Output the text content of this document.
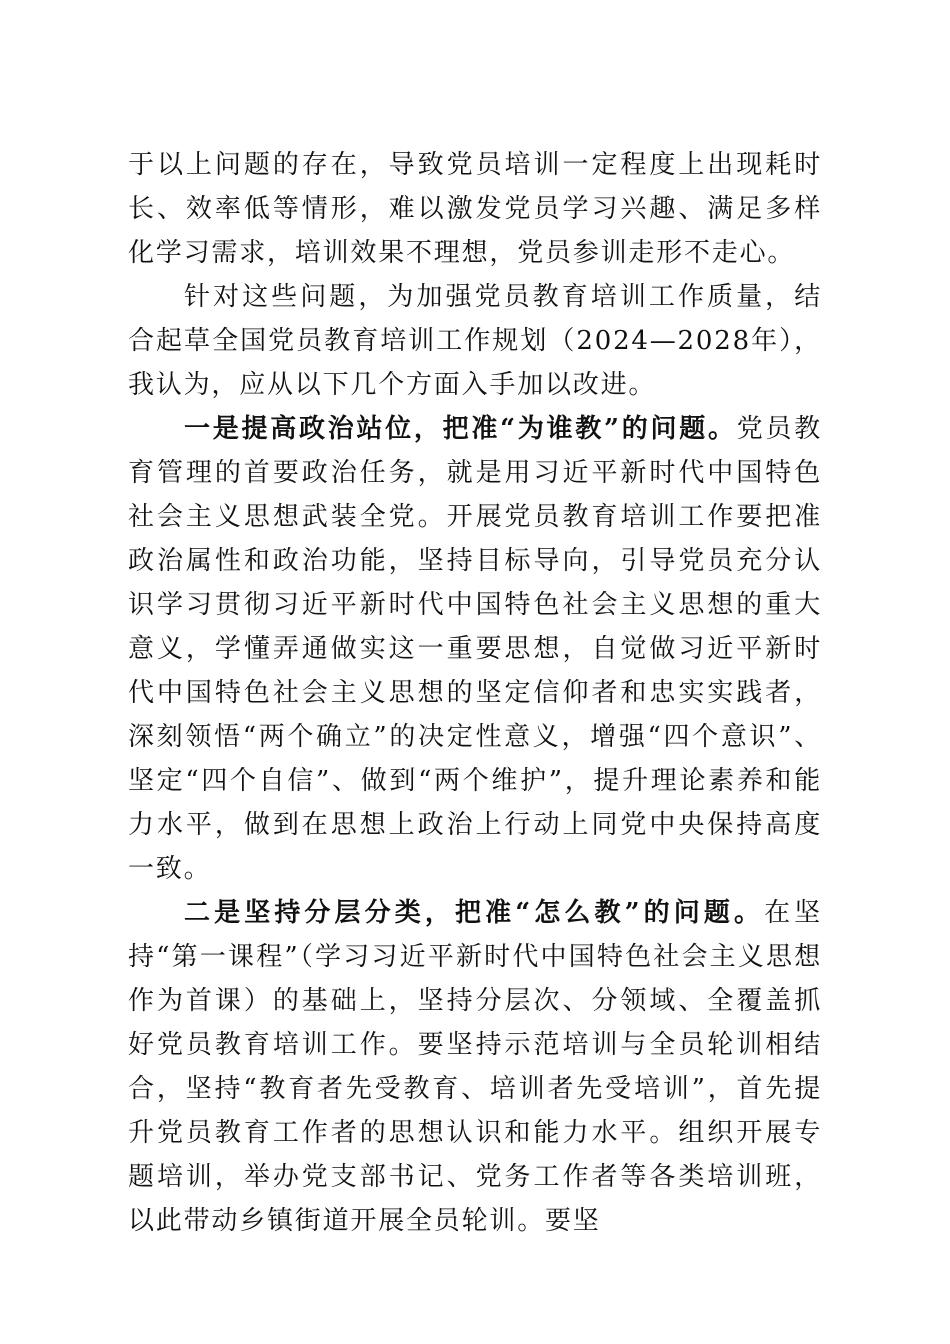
于以上问题的存在，导致党员培训一定程度上出现耗时长、效率低等情形，难以激发党员学习兴趣、满足多样化学习需求，培训效果不理想，党员参训走形不走心。

针对这些问题，为加强党员教育培训工作质量，结合起草全国党员教育培训工作规划（2024—2028年），我认为，应从以下几个方面入手加以改进。

一是提高政治站位，把准“为谁教”的问题。党员教育管理的首要政治任务，就是用习近平新时代中国特色社会主义思想武装全党。开展党员教育培训工作要把准政治属性和政治功能，坚持目标导向，引导党员充分认识学习贯彻习近平新时代中国特色社会主义思想的重大意义，学懂弄通做实这一重要思想，自觉做习近平新时代中国特色社会主义思想的坚定信仰者和忠实实践者，深刻领悟“两个确立”的决定性意义，增强“四个意识”、坚定“四个自信”、做到“两个维护”，提升理论素养和能力水平，做到在思想上政治上行动上同党中央保持高度一致。

二是坚持分层分类，把准“怎么教”的问题。在坚持“第一课程”（学习习近平新时代中国特色社会主义思想作为首课）的基础上，坚持分层次、分领域、全覆盖抓好党员教育培训工作。要坚持示范培训与全员轮训相结合，坚持“教育者先受教育、培训者先受培训”，首先提升党员教育工作者的思想认识和能力水平。组织开展专题培训，举办党支部书记、党务工作者等各类培训班，以此带动乡镇街道开展全员轮训。要坚
